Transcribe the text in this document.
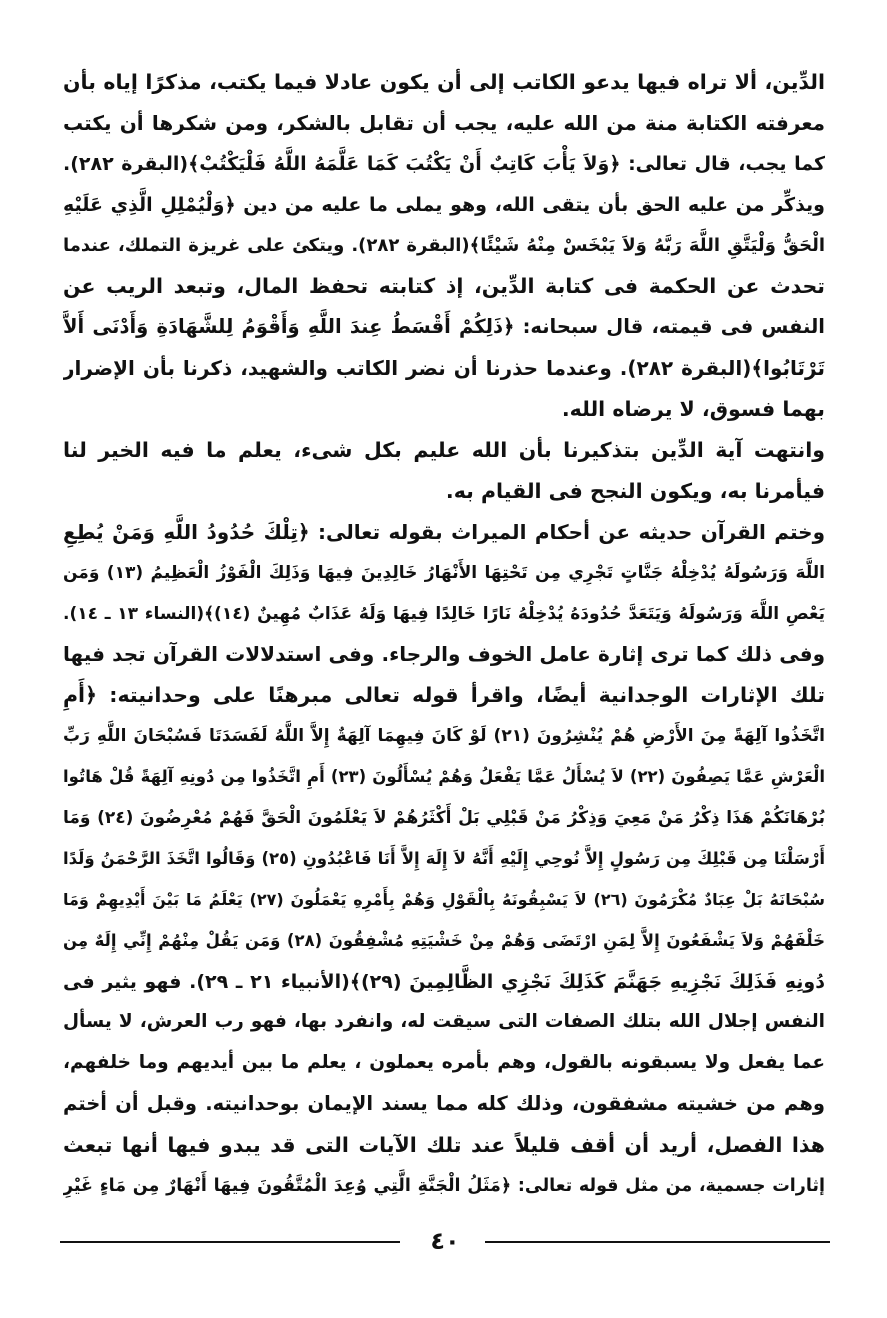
الدِّين، ألا تراه فيها يدعو الكاتب إلى أن يكون عادلا فيما يكتب، مذكرًا إياه بأن
معرفته الكتابة منة من الله عليه، يجب أن تقابل بالشكر، ومن شكرها أن يكتب
كما يجب، قال تعالى: ﴿وَلاَ يَأْبَ كَاتِبٌ أَنْ يَكْتُبَ كَمَا عَلَّمَهُ اللَّهُ فَلْيَكْتُبْ﴾(البقرة ٢٨٢).
ويذكِّر من عليه الحق بأن يتقى الله، وهو يملى ما عليه من دين ﴿وَلْيُمْلِلِ الَّذِي عَلَيْهِ
الْحَقُّ وَلْيَتَّقِ اللَّهَ رَبَّهُ وَلاَ يَبْخَسْ مِنْهُ شَيْئًا﴾(البقرة ٢٨٢). ويتكئ على غريزة التملك، عندما
تحدث عن الحكمة فى كتابة الدِّين، إذ كتابته تحفظ المال، وتبعد الريب عن
النفس فى قيمته، قال سبحانه: ﴿ذَلِكُمْ أَقْسَطُ عِندَ اللَّهِ وَأَقْوَمُ لِلشَّهَادَةِ وَأَدْنَى أَلاَّ
تَرْتَابُوا﴾(البقرة ٢٨٢). وعندما حذرنا أن نضر الكاتب والشهيد، ذكرنا بأن الإضرار
بهما فسوق، لا يرضاه الله.
وانتهت آية الدِّين بتذكيرنا بأن الله عليم بكل شىء، يعلم ما فيه الخير لنا
فيأمرنا به، ويكون النجح فى القيام به.
وختم القرآن حديثه عن أحكام الميراث بقوله تعالى: ﴿تِلْكَ حُدُودُ اللَّهِ وَمَنْ يُطِعِ
اللَّهَ وَرَسُولَهُ يُدْخِلْهُ جَنَّاتٍ تَجْرِي مِن تَحْتِهَا الأَنْهَارُ خَالِدِينَ فِيهَا وَذَلِكَ الْفَوْزُ الْعَظِيمُ (١٣) وَمَن
يَعْصِ اللَّهَ وَرَسُولَهُ وَيَتَعَدَّ حُدُودَهُ يُدْخِلْهُ نَارًا خَالِدًا فِيهَا وَلَهُ عَذَابٌ مُهِينٌ (١٤)﴾(النساء ١٣ ـ ١٤).
وفى ذلك كما ترى إثارة عامل الخوف والرجاء. وفى استدلالات القرآن تجد فيها
تلك الإثارات الوجدانية أيضًا، واقرأ قوله تعالى مبرهنًا على وحدانيته: ﴿أَمِ
اتَّخَذُوا آلِهَةً مِنَ الأَرْضِ هُمْ يُنْشِرُونَ (٢١) لَوْ كَانَ فِيهِمَا آلِهَةٌ إِلاَّ اللَّهُ لَفَسَدَتَا فَسُبْحَانَ اللَّهِ رَبِّ
الْعَرْشِ عَمَّا يَصِفُونَ (٢٢) لاَ يُسْأَلُ عَمَّا يَفْعَلُ وَهُمْ يُسْأَلُونَ (٢٣) أَمِ اتَّخَذُوا مِن دُونِهِ آلِهَةً قُلْ هَاتُوا
بُرْهَانَكُمْ هَذَا ذِكْرُ مَنْ مَعِيَ وَذِكْرُ مَنْ قَبْلِي بَلْ أَكْثَرُهُمْ لاَ يَعْلَمُونَ الْحَقَّ فَهُمْ مُعْرِضُونَ (٢٤) وَمَا
أَرْسَلْنَا مِن قَبْلِكَ مِن رَسُولٍ إِلاَّ نُوحِي إِلَيْهِ أَنَّهُ لاَ إِلَهَ إِلاَّ أَنَا فَاعْبُدُونِ (٢٥) وَقَالُوا اتَّخَذَ الرَّحْمَنُ وَلَدًا
سُبْحَانَهُ بَلْ عِبَادٌ مُكْرَمُونَ (٢٦) لاَ يَسْبِقُونَهُ بِالْقَوْلِ وَهُمْ بِأَمْرِهِ يَعْمَلُونَ (٢٧) يَعْلَمُ مَا بَيْنَ أَيْدِيهِمْ وَمَا
خَلْفَهُمْ وَلاَ يَشْفَعُونَ إِلاَّ لِمَنِ ارْتَضَى وَهُمْ مِنْ خَشْيَتِهِ مُشْفِقُونَ (٢٨) وَمَن يَقُلْ مِنْهُمْ إِنِّي إِلَهٌ مِن
دُونِهِ فَذَلِكَ نَجْزِيهِ جَهَنَّمَ كَذَلِكَ نَجْزِي الظَّالِمِينَ (٢٩)﴾(الأنبياء ٢١ ـ ٢٩). فهو يثير فى
النفس إجلال الله بتلك الصفات التى سيقت له، وانفرد بها، فهو رب العرش، لا يسأل
عما يفعل ولا يسبقونه بالقول، وهم بأمره يعملون ، يعلم ما بين أيديهم وما خلفهم،
وهم من خشيته مشفقون، وذلك كله مما يسند الإيمان بوحدانيته. وقبل أن أختم
هذا الفصل، أريد أن أقف قليلاً عند تلك الآيات التى قد يبدو فيها أنها تبعث
إثارات جسمية، من مثل قوله تعالى: ﴿مَثَلُ الْجَنَّةِ الَّتِي وُعِدَ الْمُتَّقُونَ فِيهَا أَنْهَارٌ مِن مَاءٍ غَيْرِ
٤٠
